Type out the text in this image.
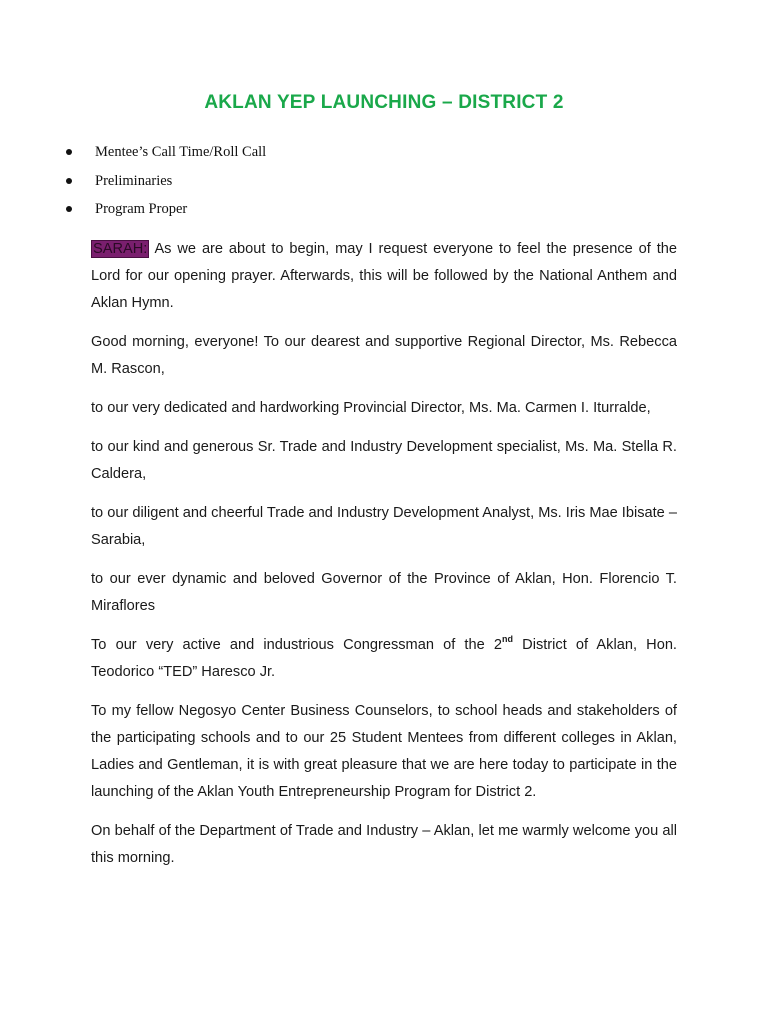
AKLAN YEP LAUNCHING – DISTRICT 2
Mentee’s Call Time/Roll Call
Preliminaries
Program Proper

SARAH: As we are about to begin, may I request everyone to feel the presence of the Lord for our opening prayer. Afterwards, this will be followed by the National Anthem and Aklan Hymn.

Good morning, everyone! To our dearest and supportive Regional Director, Ms. Rebecca M. Rascon,

to our very dedicated and hardworking Provincial Director, Ms. Ma. Carmen I. Iturralde,

to our kind and generous Sr. Trade and Industry Development specialist, Ms. Ma. Stella R. Caldera,

to our diligent and cheerful Trade and Industry Development Analyst, Ms. Iris Mae Ibisate – Sarabia,

to our ever dynamic and beloved Governor of the Province of Aklan, Hon. Florencio T. Miraflores

To our very active and industrious Congressman of the 2nd District of Aklan, Hon. Teodorico “TED” Haresco Jr.

To my fellow Negosyo Center Business Counselors, to school heads and stakeholders of the participating schools and to our 25 Student Mentees from different colleges in Aklan, Ladies and Gentleman, it is with great pleasure that we are here today to participate in the launching of the Aklan Youth Entrepreneurship Program for District 2.

On behalf of the Department of Trade and Industry – Aklan, let me warmly welcome you all this morning.
